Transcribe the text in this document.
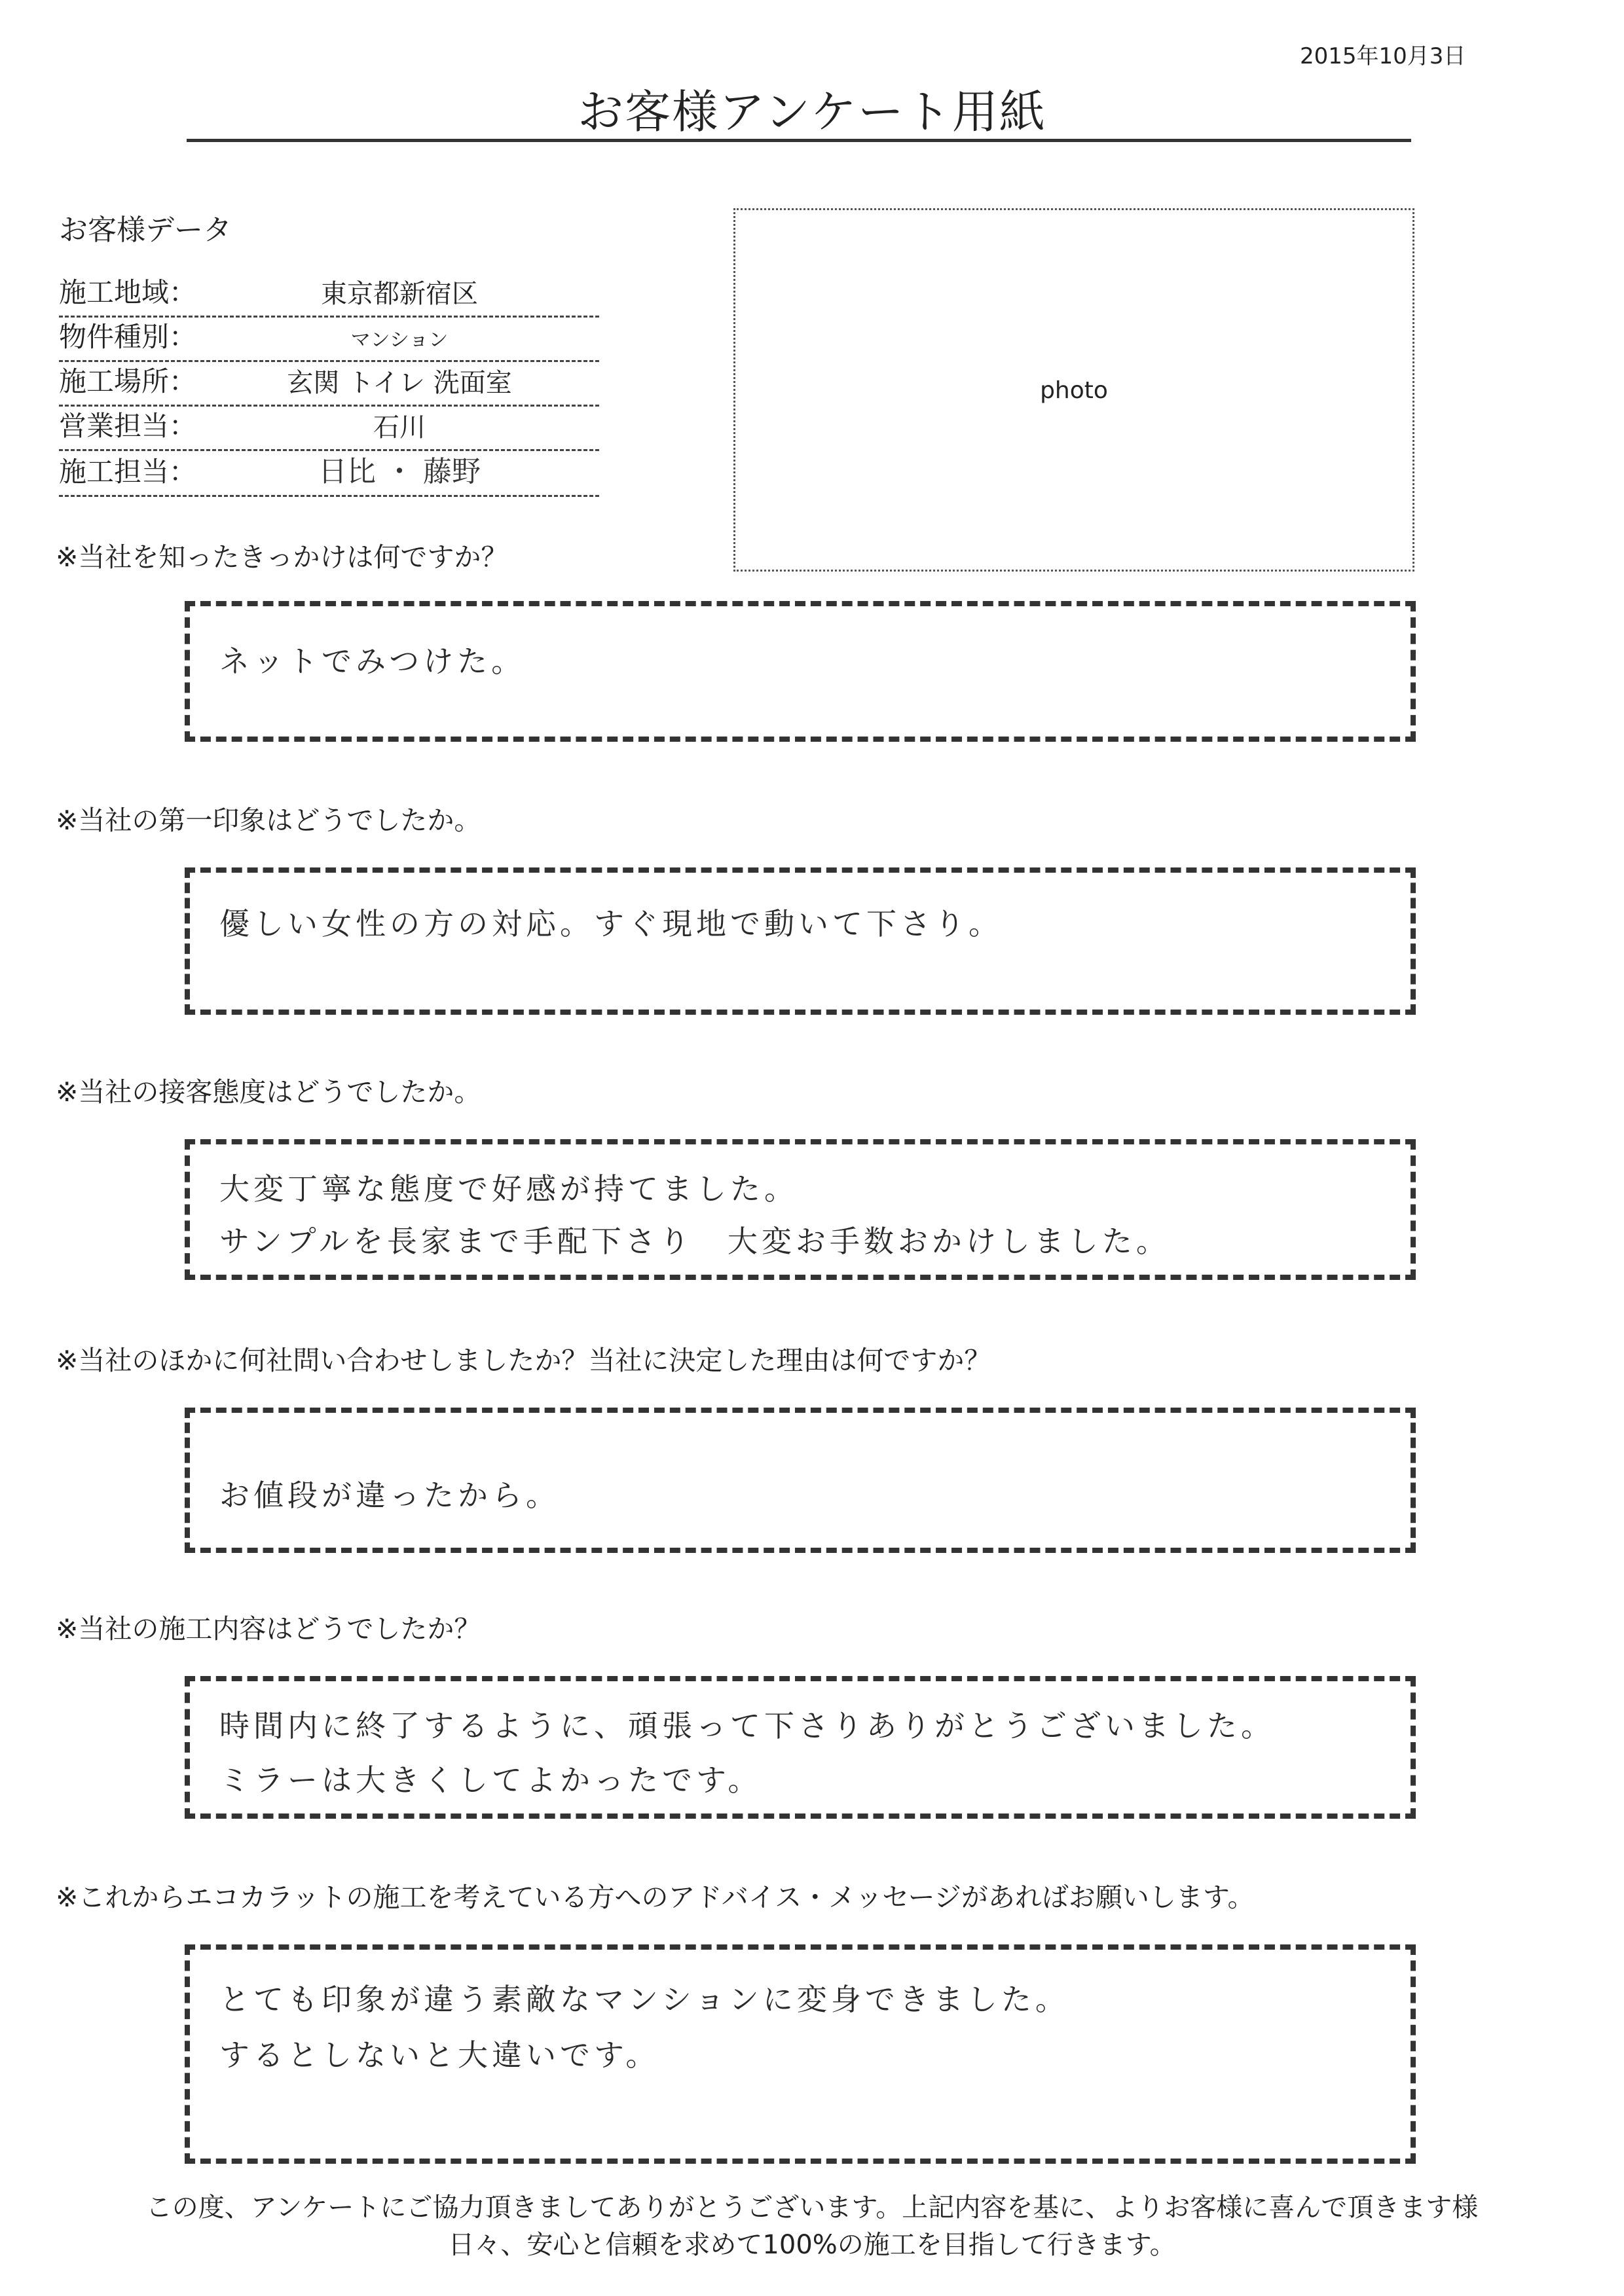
2015年10月3日
お客様アンケート用紙
お客様データ
施工地域：	東京都新宿区
物件種別：	マンション
施工場所：	玄関 トイレ 洗面室
営業担当：	石川
施工担当：	日比 ・ 藤野
photo
※当社を知ったきっかけは何ですか？
ネットでみつけた。
※当社の第一印象はどうでしたか。
優しい女性の方の対応。すぐ現地で動いて下さり。
※当社の接客態度はどうでしたか。
大変丁寧な態度で好感が持てました。
サンプルを長家まで手配下さり　大変お手数おかけしました。
※当社のほかに何社問い合わせしましたか？当社に決定した理由は何ですか？
お値段が違ったから。
※当社の施工内容はどうでしたか？
時間内に終了するように、頑張って下さりありがとうございました。
ミラーは大きくしてよかったです。
※これからエコカラットの施工を考えている方へのアドバイス・メッセージがあればお願いします。
とても印象が違う素敵なマンションに変身できました。
するとしないと大違いです。
この度、アンケートにご協力頂きましてありがとうございます。上記内容を基に、よりお客様に喜んで頂きます様
日々、安心と信頼を求めて100%の施工を目指して行きます。
